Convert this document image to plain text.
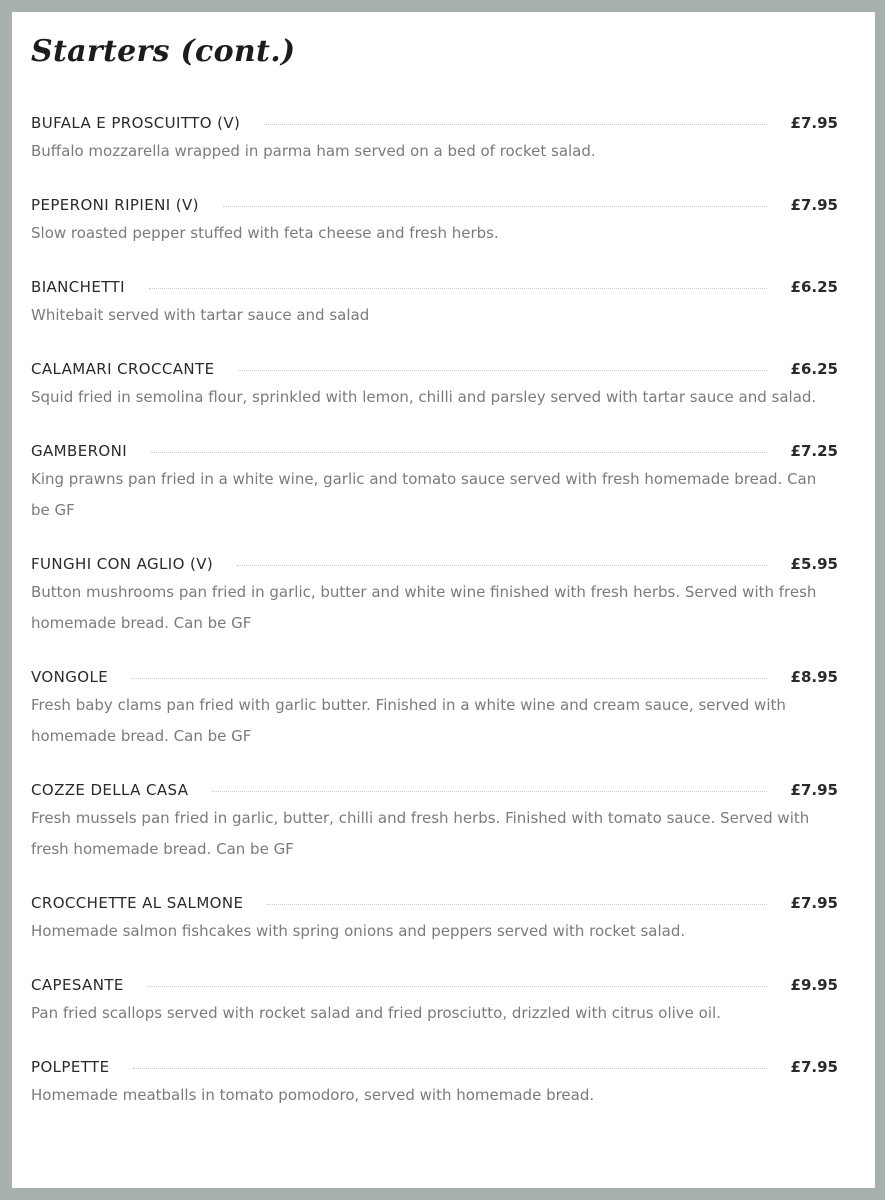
Starters (cont.)
BUFALA E PROSCUITTO (V)	£7.95
Buffalo mozzarella wrapped in parma ham served on a bed of rocket salad.
PEPERONI RIPIENI (V)	£7.95
Slow roasted pepper stuffed with feta cheese and fresh herbs.
BIANCHETTI	£6.25
Whitebait served with tartar sauce and salad
CALAMARI CROCCANTE	£6.25
Squid fried in semolina flour, sprinkled with lemon, chilli and parsley served with tartar sauce and salad.
GAMBERONI	£7.25
King prawns pan fried in a white wine, garlic and tomato sauce served with fresh homemade bread. Can be GF
FUNGHI CON AGLIO (V)	£5.95
Button mushrooms pan fried in garlic, butter and white wine finished with fresh herbs. Served with fresh homemade bread. Can be GF
VONGOLE	£8.95
Fresh baby clams pan fried with garlic butter. Finished in a white wine and cream sauce, served with homemade bread. Can be GF
COZZE DELLA CASA	£7.95
Fresh mussels pan fried in garlic, butter, chilli and fresh herbs. Finished with tomato sauce. Served with fresh homemade bread. Can be GF
CROCCHETTE AL SALMONE	£7.95
Homemade salmon fishcakes with spring onions and peppers served with rocket salad.
CAPESANTE	£9.95
Pan fried scallops served with rocket salad and fried prosciutto, drizzled with citrus olive oil.
POLPETTE	£7.95
Homemade meatballs in tomato pomodoro, served with homemade bread.
